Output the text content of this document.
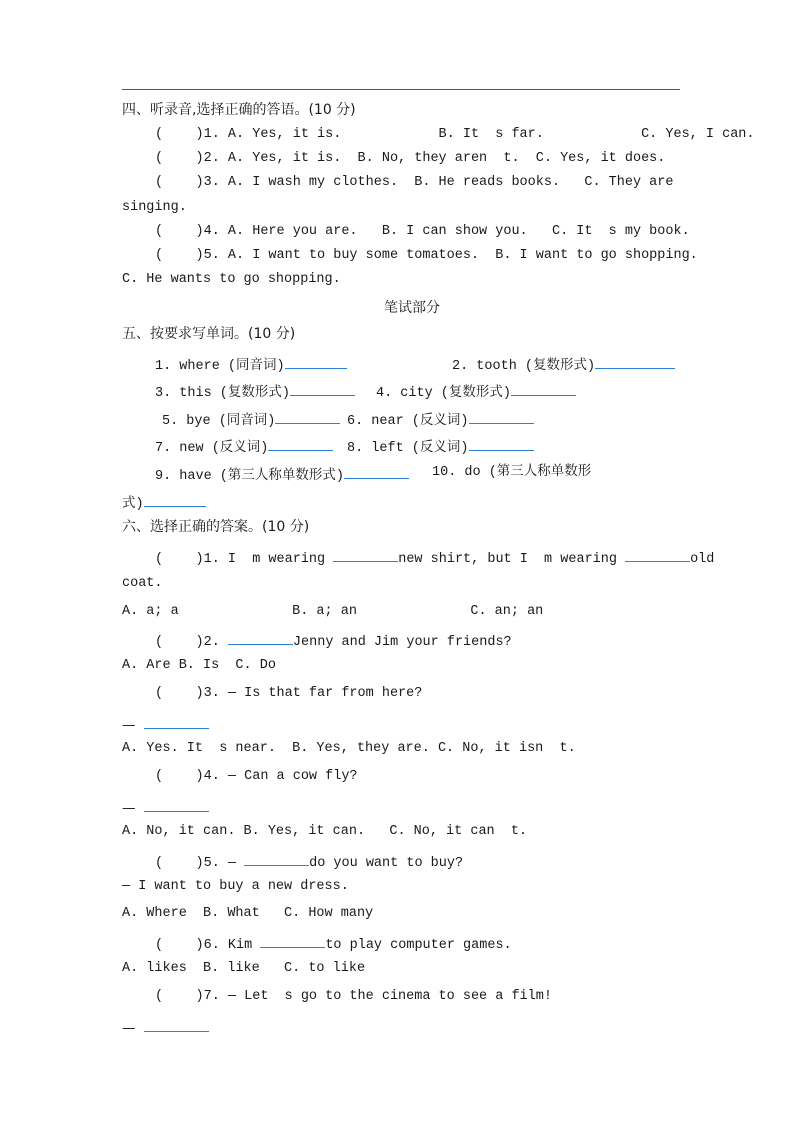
四、听录音,选择正确的答语。(10 分)
(    )1. A. Yes, it is.            B. It  s far.            C. Yes, I can.
(    )2. A. Yes, it is.  B. No, they aren  t.  C. Yes, it does.
(    )3. A. I wash my clothes.  B. He reads books.   C. They are
singing.
(    )4. A. Here you are.   B. I can show you.   C. It  s my book.
(    )5. A. I want to buy some tomatoes.  B. I want to go shopping.
C. He wants to go shopping.
笔试部分
五、按要求写单词。(10 分)
1. where (同音词)	2. tooth (复数形式)
3. this (复数形式)	4. city (复数形式)
5. bye (同音词)	6. near (反义词)
7. new (反义词)	8. left (反义词)
9. have (第三人称单数形式)	10. do (第三人称单数形
式)
六、选择正确的答案。(10 分)
(    )1. I  m wearing	new shirt, but I  m wearing	old
coat.
A. a; a              B. a; an              C. an; an
(    )2.	Jenny and Jim your friends?
A. Are B. Is  C. Do
(    )3. — Is that far from here?
—
A. Yes. It  s near.  B. Yes, they are. C. No, it isn  t.
(    )4. — Can a cow fly?
—
A. No, it can. B. Yes, it can.   C. No, it can  t.
(    )5. —	do you want to buy?
— I want to buy a new dress.
A. Where  B. What   C. How many
(    )6. Kim	to play computer games.
A. likes  B. like   C. to like
(    )7. — Let  s go to the cinema to see a film!
—
